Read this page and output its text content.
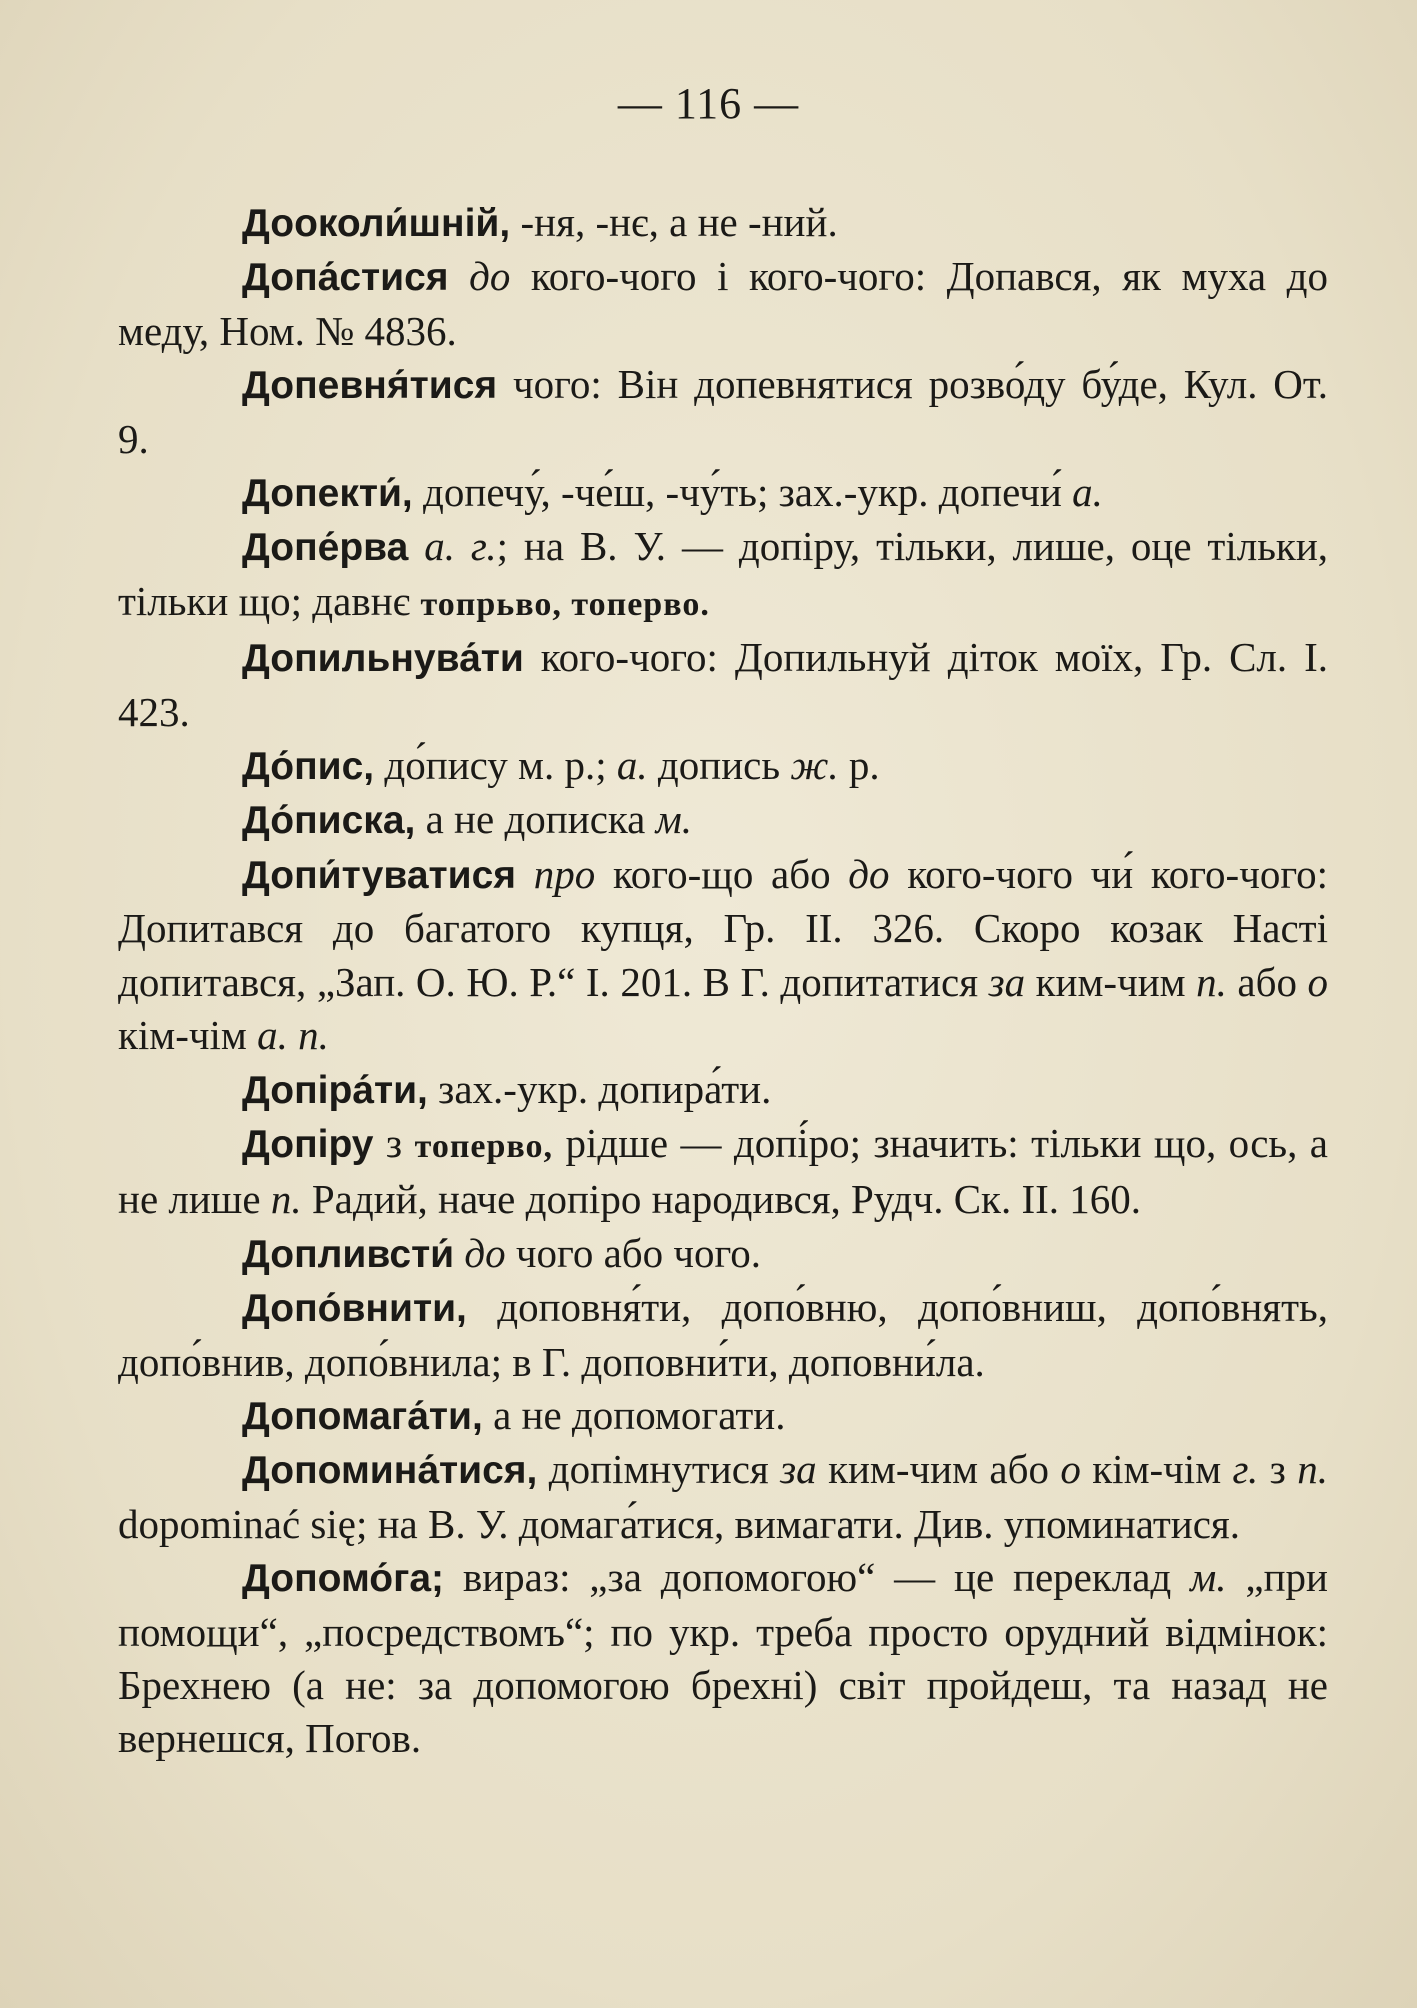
— 116 —

Дооколи́шній, -ня, -нє, а не -ний.

Допа́стися до кого-чого і кого-чого: Допався, як муха до меду, Ном. № 4836.

Допевня́тися чого: Він допевнятися розво́ду бу́де, Кул. От. 9.

Допекти́, допечу́, -че́ш, -чу́ть; зах.-укр. допечи́ а.

Допе́рва а. г.; на В. У. — допіру, тільки, лише, оце тільки, тільки що; давнє топрьво, топерво.

Допильнува́ти кого-чого: Допильнуй діток моїх, Гр. Сл. І. 423.

До́пис, до́пису м. р.; а. допись ж. р.

До́писка, а не дописка м.

Допи́туватися про кого-що або до кого-чого чи́ кого-чого: Допитався до багатого купця, Гр. II. 326. Скоро козак Насті допитався, „Зап. О. Ю. Р.“ I. 201. В Г. допитатися за ким-чим п. або о кім-чім а. п.

Допіра́ти, зах.-укр. допира́ти.

Допіру з топерво, рідше — допі́ро; значить: тільки що, ось, а не лише п. Радий, наче допіро народився, Рудч. Ск. II. 160.

Допливсти́ до чого або чого.

Допо́внити, доповня́ти, допо́вню, допо́вниш, допо́внять, допо́внив, допо́внила; в Г. доповни́ти, доповни́ла.

Допомага́ти, а не допомогати.

Допомина́тися, допімнутися за ким-чим або о кім-чім г. з п. dopominać się; на В. У. домага́тися, вимагати. Див. упоминатися.

Допомо́га; вираз: „за допомогою“ — це переклад м. „при помощи“, „посредствомъ“; по укр. треба просто орудний відмінок: Брехнею (а не: за допомогою брехні) світ пройдеш, та назад не вернешся, Погов.
